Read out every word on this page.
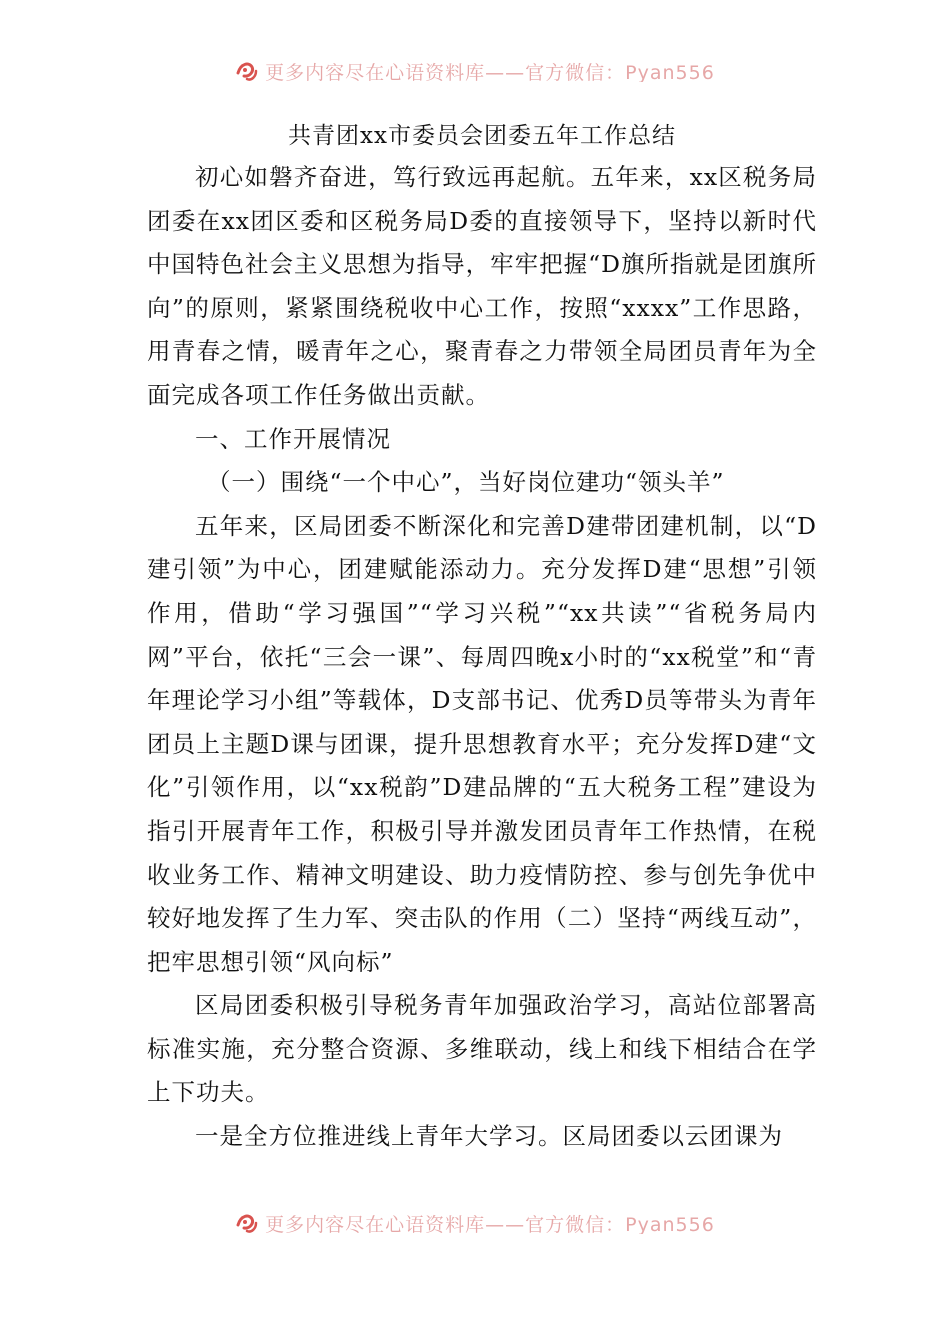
更多内容尽在心语资料库——官方微信：Pyan556
共青团xx市委员会团委五年工作总结

初心如磐齐奋进，笃行致远再起航。五年来，xx区税务局团委在xx团区委和区税务局D委的直接领导下，坚持以新时代中国特色社会主义思想为指导，牢牢把握“D旗所指就是团旗所向”的原则，紧紧围绕税收中心工作，按照“xxxx”工作思路，用青春之情，暖青年之心，聚青春之力带领全局团员青年为全面完成各项工作任务做出贡献。

一、工作开展情况

（一）围绕“一个中心”，当好岗位建功“领头羊”

五年来，区局团委不断深化和完善D建带团建机制，以“D建引领”为中心，团建赋能添动力。充分发挥D建“思想”引领作用，借助“学习强国”“学习兴税”“xx共读”“省税务局内网”平台，依托“三会一课”、每周四晚x小时的“xx税堂”和“青年理论学习小组”等载体，D支部书记、优秀D员等带头为青年团员上主题D课与团课，提升思想教育水平；充分发挥D建“文化”引领作用，以“xx税韵”D建品牌的“五大税务工程”建设为指引开展青年工作，积极引导并激发团员青年工作热情，在税收业务工作、精神文明建设、助力疫情防控、参与创先争优中较好地发挥了生力军、突击队的作用（二）坚持“两线互动”，把牢思想引领“风向标”

区局团委积极引导税务青年加强政治学习，高站位部署高标准实施，充分整合资源、多维联动，线上和线下相结合在学上下功夫。

一是全方位推进线上青年大学习。区局团委以云团课为

更多内容尽在心语资料库——官方微信：Pyan556
